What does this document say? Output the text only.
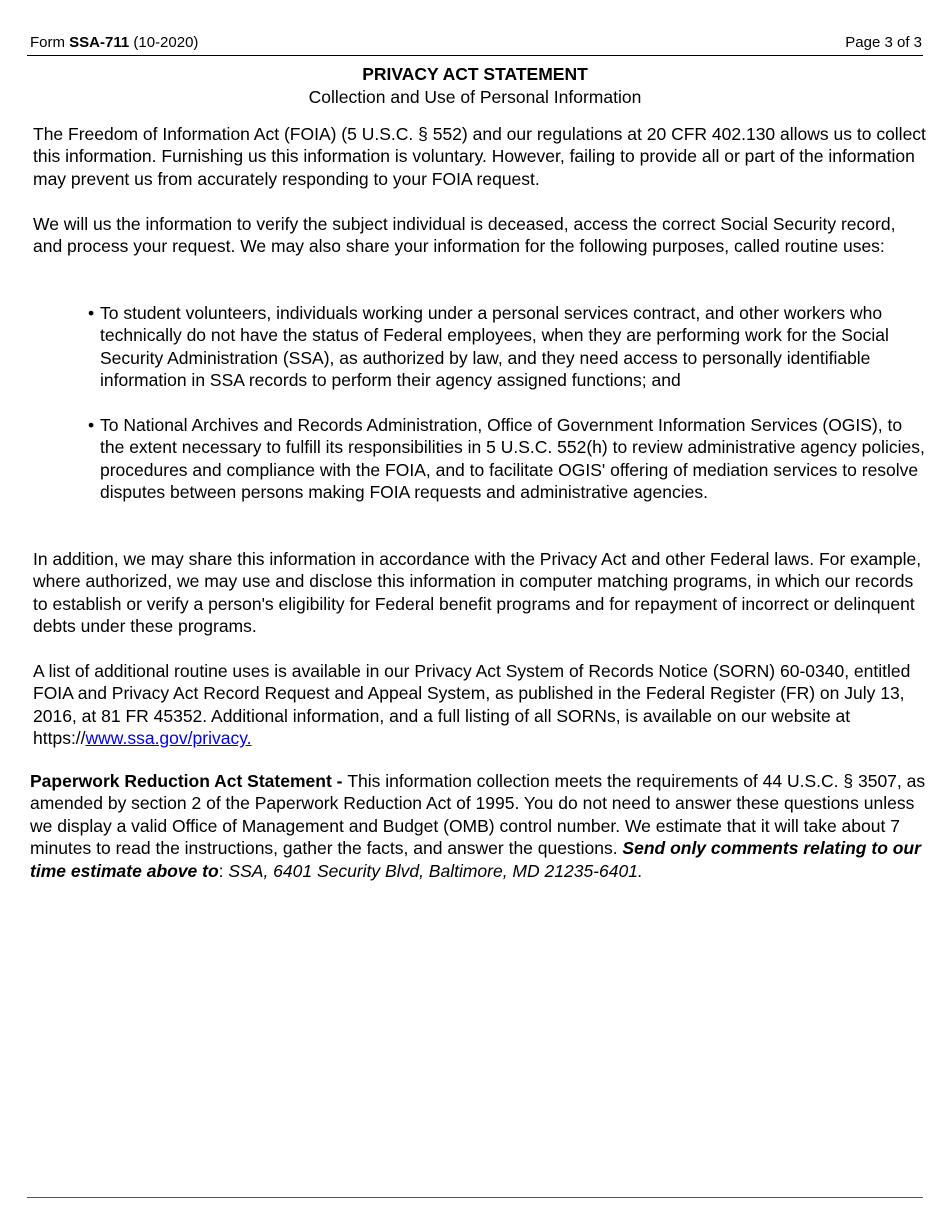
Form SSA-711 (10-2020)	Page 3 of 3
PRIVACY ACT STATEMENT
Collection and Use of Personal Information

The Freedom of Information Act (FOIA) (5 U.S.C. § 552) and our regulations at 20 CFR 402.130 allows us to collect this information. Furnishing us this information is voluntary. However, failing to provide all or part of the information may prevent us from accurately responding to your FOIA request.

We will us the information to verify the subject individual is deceased, access the correct Social Security record, and process your request. We may also share your information for the following purposes, called routine uses:

• To student volunteers, individuals working under a personal services contract, and other workers who technically do not have the status of Federal employees, when they are performing work for the Social Security Administration (SSA), as authorized by law, and they need access to personally identifiable information in SSA records to perform their agency assigned functions; and
• To National Archives and Records Administration, Office of Government Information Services (OGIS), to the extent necessary to fulfill its responsibilities in 5 U.S.C. 552(h) to review administrative agency policies, procedures and compliance with the FOIA, and to facilitate OGIS' offering of mediation services to resolve disputes between persons making FOIA requests and administrative agencies.

In addition, we may share this information in accordance with the Privacy Act and other Federal laws. For example, where authorized, we may use and disclose this information in computer matching programs, in which our records to establish or verify a person's eligibility for Federal benefit programs and for repayment of incorrect or delinquent debts under these programs.

A list of additional routine uses is available in our Privacy Act System of Records Notice (SORN) 60-0340, entitled FOIA and Privacy Act Record Request and Appeal System, as published in the Federal Register (FR) on July 13, 2016, at 81 FR 45352. Additional information, and a full listing of all SORNs, is available on our website at https://www.ssa.gov/privacy.

Paperwork Reduction Act Statement - This information collection meets the requirements of 44 U.S.C. § 3507, as amended by section 2 of the Paperwork Reduction Act of 1995. You do not need to answer these questions unless we display a valid Office of Management and Budget (OMB) control number. We estimate that it will take about 7 minutes to read the instructions, gather the facts, and answer the questions. Send only comments relating to our time estimate above to: SSA, 6401 Security Blvd, Baltimore, MD 21235-6401.
